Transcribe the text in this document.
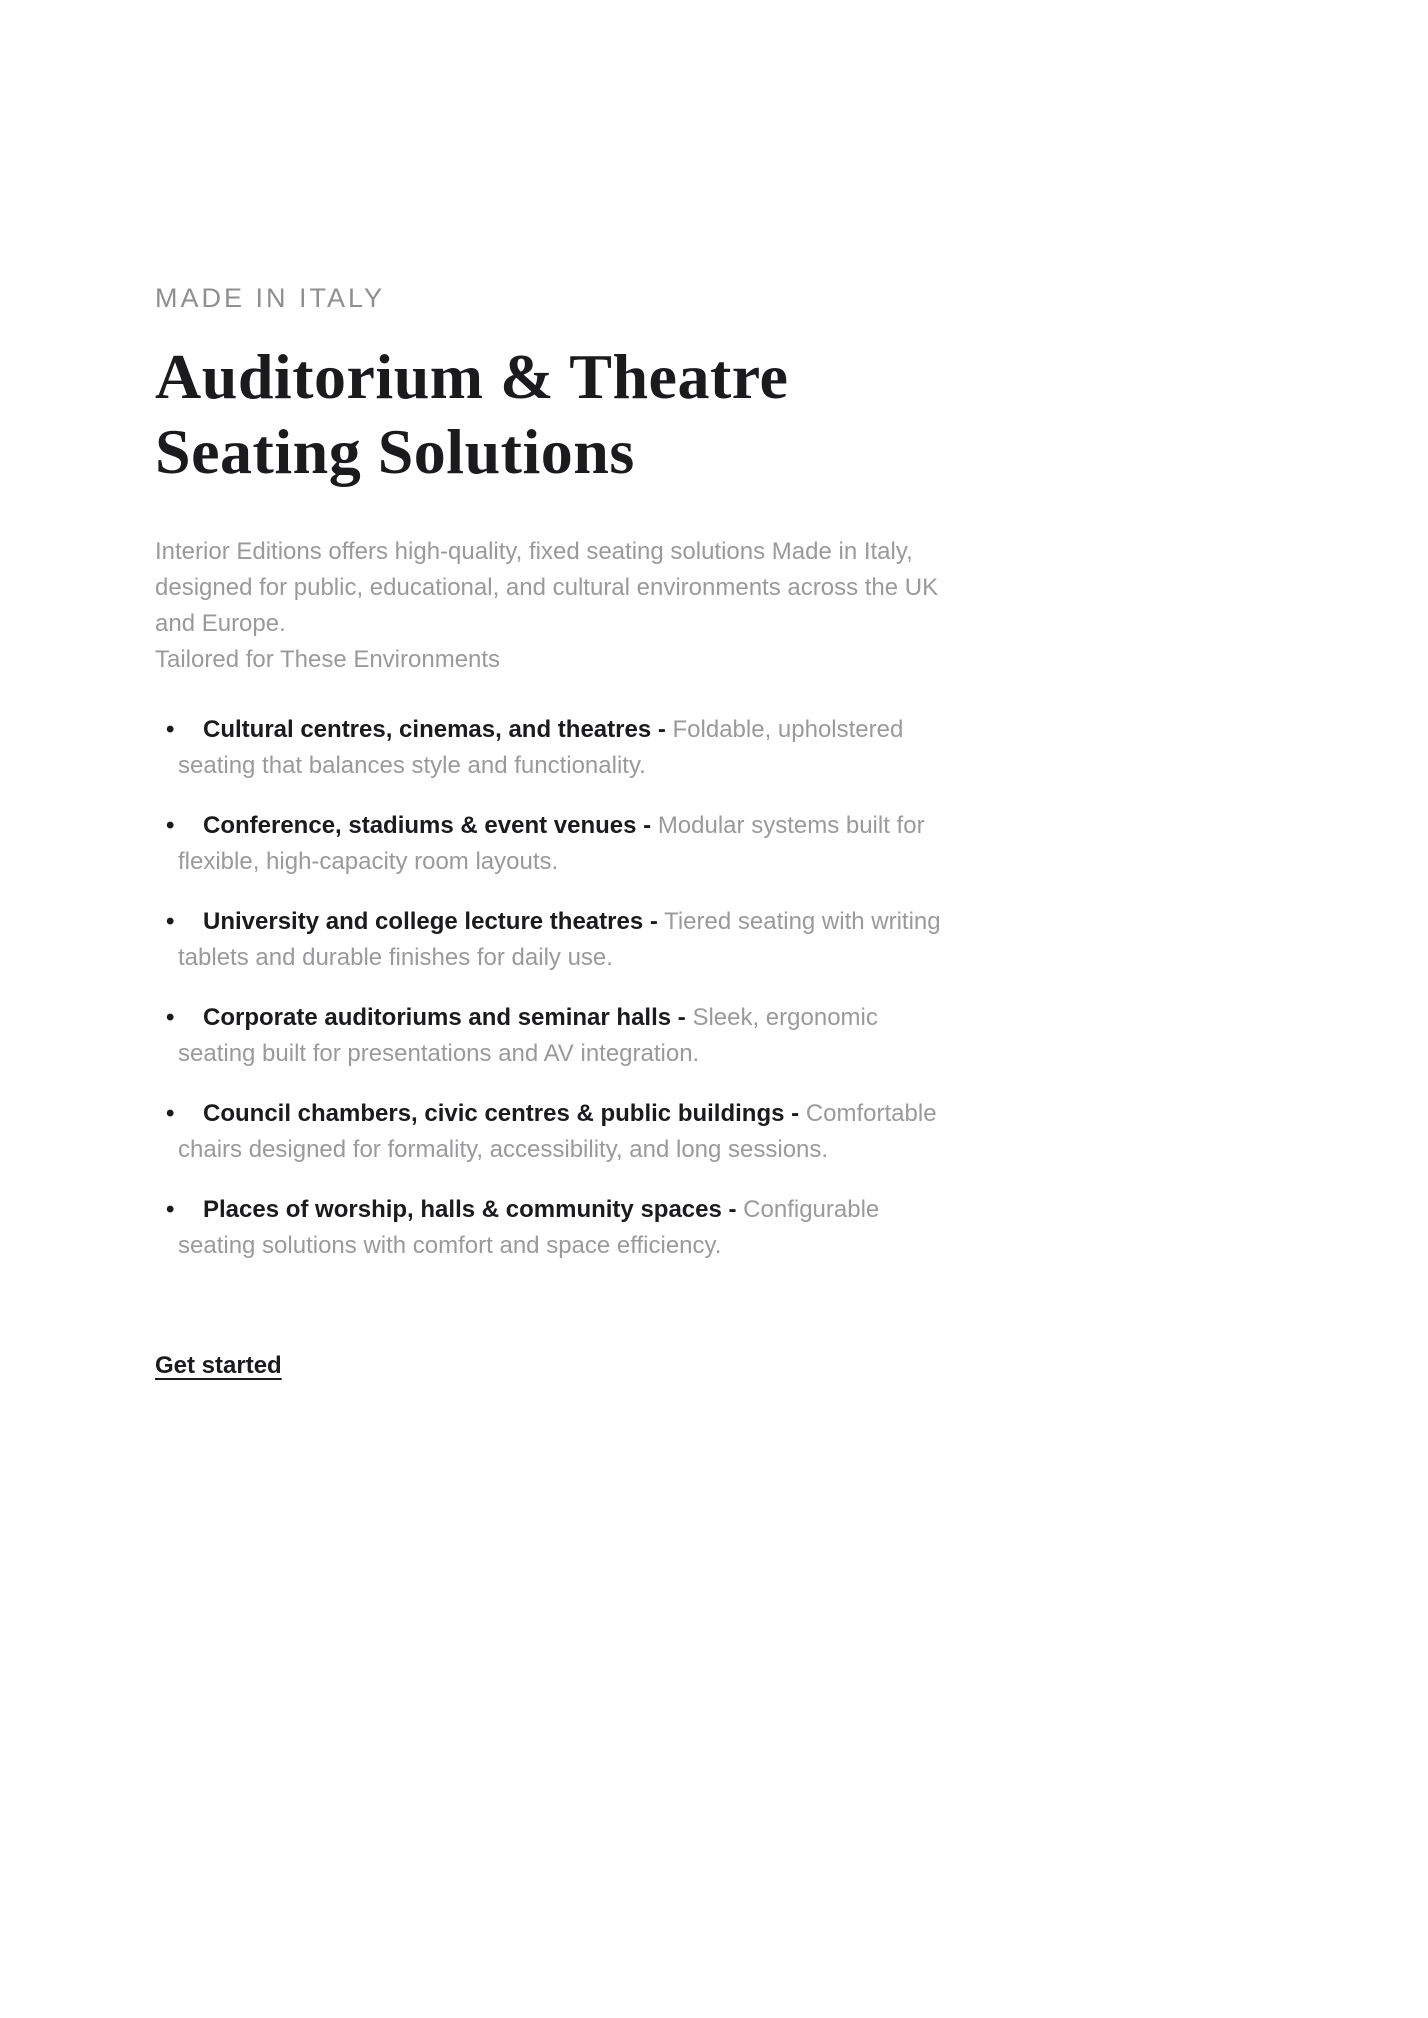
MADE IN ITALY
Auditorium & Theatre
Seating Solutions

Interior Editions offers high-quality, fixed seating solutions Made in Italy, designed for public, educational, and cultural environments across the UK and Europe.

Tailored for These Environments

• Cultural centres, cinemas, and theatres - Foldable, upholstered seating that balances style and functionality.
• Conference, stadiums & event venues - Modular systems built for flexible, high-capacity room layouts.
• University and college lecture theatres - Tiered seating with writing tablets and durable finishes for daily use.
• Corporate auditoriums and seminar halls - Sleek, ergonomic seating built for presentations and AV integration.
• Council chambers, civic centres & public buildings - Comfortable chairs designed for formality, accessibility, and long sessions.
• Places of worship, halls & community spaces - Configurable seating solutions with comfort and space efficiency.
Get started
